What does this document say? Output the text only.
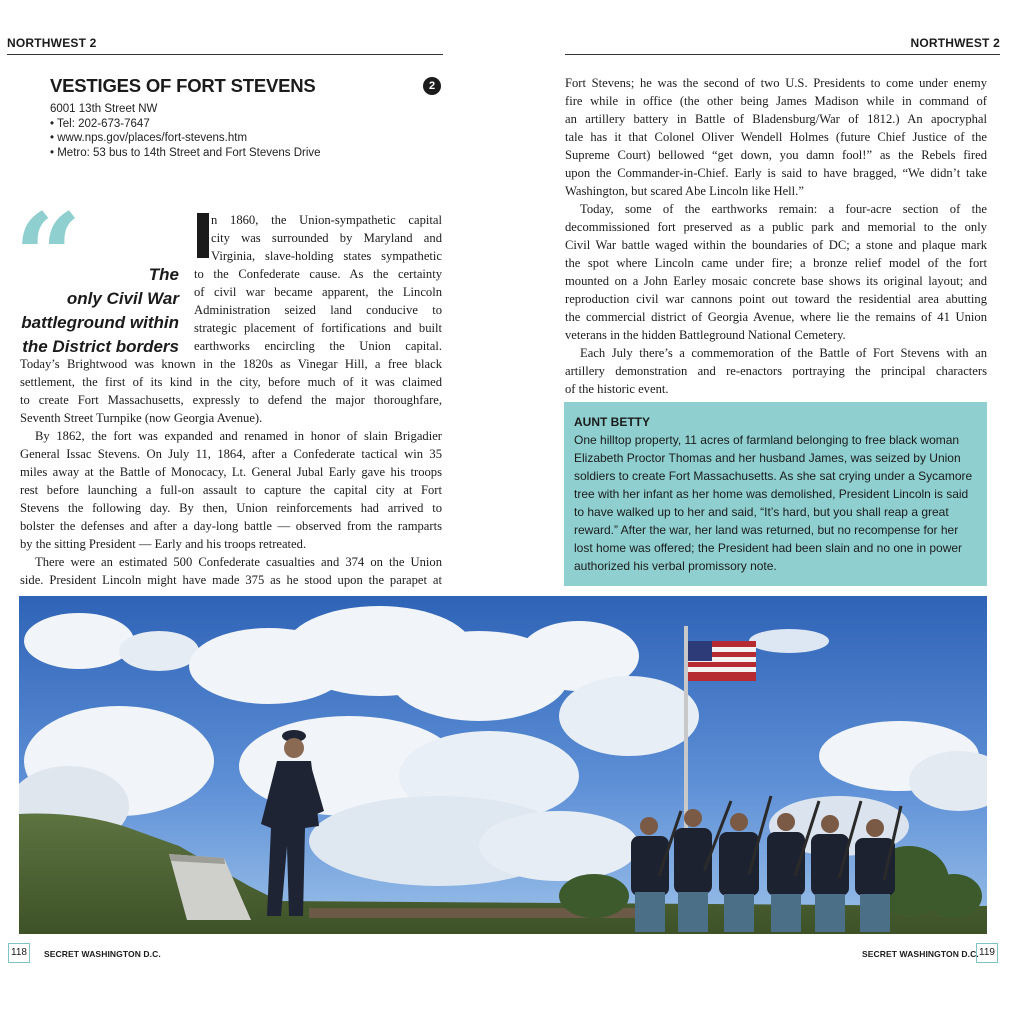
NORTHWEST 2	NORTHWEST 2
VESTIGES OF FORT STEVENS	2
6001 13th Street NW
• Tel: 202-673-7647
• www.nps.gov/places/fort-stevens.htm
• Metro: 53 bus to 14th Street and Fort Stevens Drive
“	The
only Civil War
battleground within
the District borders
n 1860, the Union-sympathetic capital
city was surrounded by Maryland and
Virginia, slave-holding states sympathetic
to the Confederate cause. As the certainty
of civil war became apparent, the Lincoln
Administration seized land conducive to
strategic placement of fortifications and built
earthworks encircling the Union capital.
Today’s Brightwood was known in the 1820s as Vinegar Hill, a free black
settlement, the first of its kind in the city, before much of it was claimed
to create Fort Massachusetts, expressly to defend the major thoroughfare,
Seventh Street Turnpike (now Georgia Avenue).
By 1862, the fort was expanded and renamed in honor of slain Brigadier
General Issac Stevens. On July 11, 1864, after a Confederate tactical win 35
miles away at the Battle of Monocacy, Lt. General Jubal Early gave his troops
rest before launching a full-on assault to capture the capital city at Fort
Stevens the following day. By then, Union reinforcements had arrived to
bolster the defenses and after a day-long battle — observed from the ramparts
by the sitting President — Early and his troops retreated.
There were an estimated 500 Confederate casualties and 374 on the Union
side. President Lincoln might have made 375 as he stood upon the parapet at
Fort Stevens; he was the second of two U.S. Presidents to come under enemy
fire while in office (the other being James Madison while in command of
an artillery battery in Battle of Bladensburg/War of 1812.) An apocryphal
tale has it that Colonel Oliver Wendell Holmes (future Chief Justice of the
Supreme Court) bellowed “get down, you damn fool!” as the Rebels fired
upon the Commander-in-Chief. Early is said to have bragged, “We didn’t take
Washington, but scared Abe Lincoln like Hell.”
Today, some of the earthworks remain: a four-acre section of the
decommissioned fort preserved as a public park and memorial to the only
Civil War battle waged within the boundaries of DC; a stone and plaque mark
the spot where Lincoln came under fire; a bronze relief model of the fort
mounted on a John Earley mosaic concrete base shows its original layout; and
reproduction civil war cannons point out toward the residential area abutting
the commercial district of Georgia Avenue, where lie the remains of 41 Union
veterans in the hidden Battleground National Cemetery.
Each July there’s a commemoration of the Battle of Fort Stevens with an
artillery demonstration and re-enactors portraying the principal characters
of the historic event.
AUNT BETTY
One hilltop property, 11 acres of farmland belonging to free black woman
Elizabeth Proctor Thomas and her husband James, was seized by Union
soldiers to create Fort Massachusetts. As she sat crying under a Sycamore
tree with her infant as her home was demolished, President Lincoln is said
to have walked up to her and said, “It’s hard, but you shall reap a great
reward.” After the war, her land was returned, but no recompense for her
lost home was offered; the President had been slain and no one in power
authorized his verbal promissory note.
118	SECRET WASHINGTON D.C.	SECRET WASHINGTON D.C. 119
